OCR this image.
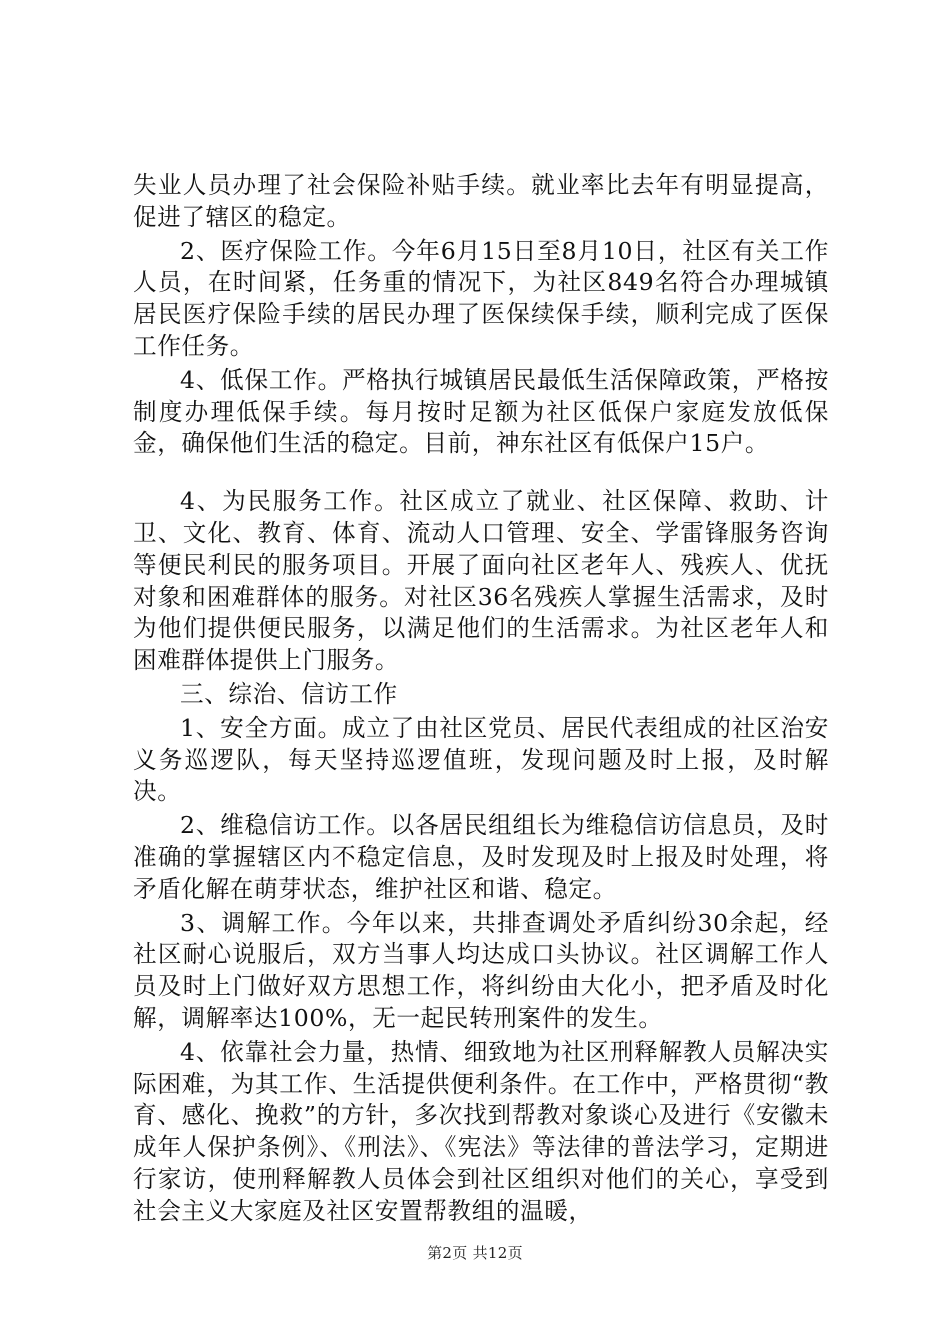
失业人员办理了社会保险补贴手续。就业率比去年有明显提高，促进了辖区的稳定。

2、医疗保险工作。今年6月15日至8月10日，社区有关工作人员，在时间紧，任务重的情况下，为社区849名符合办理城镇居民医疗保险手续的居民办理了医保续保手续，顺利完成了医保工作任务。

4、低保工作。严格执行城镇居民最低生活保障政策，严格按制度办理低保手续。每月按时足额为社区低保户家庭发放低保金，确保他们生活的稳定。目前，神东社区有低保户15户。

4、为民服务工作。社区成立了就业、社区保障、救助、计卫、文化、教育、体育、流动人口管理、安全、学雷锋服务咨询等便民利民的服务项目。开展了面向社区老年人、残疾人、优抚对象和困难群体的服务。对社区36名残疾人掌握生活需求，及时为他们提供便民服务，以满足他们的生活需求。为社区老年人和困难群体提供上门服务。

三、综治、信访工作

1、安全方面。成立了由社区党员、居民代表组成的社区治安义务巡逻队，每天坚持巡逻值班，发现问题及时上报，及时解决。

2、维稳信访工作。以各居民组组长为维稳信访信息员，及时准确的掌握辖区内不稳定信息，及时发现及时上报及时处理，将矛盾化解在萌芽状态，维护社区和谐、稳定。

3、调解工作。今年以来，共排查调处矛盾纠纷30余起，经社区耐心说服后，双方当事人均达成口头协议。社区调解工作人员及时上门做好双方思想工作，将纠纷由大化小，把矛盾及时化解，调解率达100%，无一起民转刑案件的发生。

4、依靠社会力量，热情、细致地为社区刑释解教人员解决实际困难，为其工作、生活提供便利条件。在工作中，严格贯彻“教育、感化、挽救”的方针，多次找到帮教对象谈心及进行《安徽未成年人保护条例》、《刑法》、《宪法》等法律的普法学习，定期进行家访，使刑释解教人员体会到社区组织对他们的关心，享受到社会主义大家庭及社区安置帮教组的温暖，

第2页 共12页
